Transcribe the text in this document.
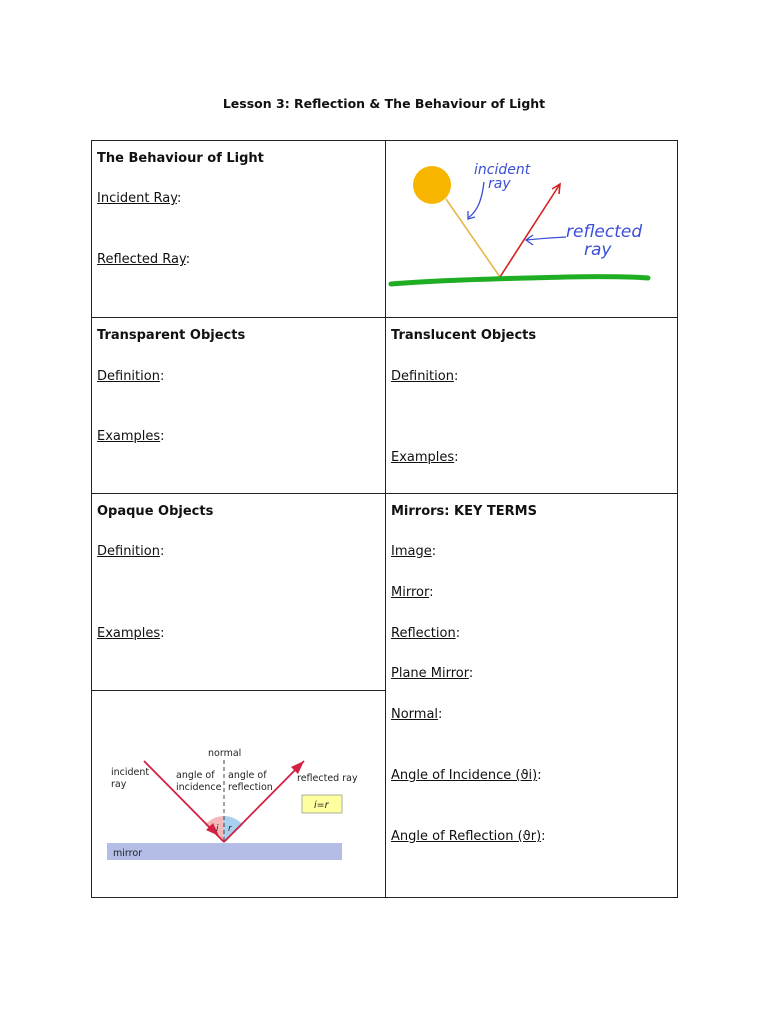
Lesson 3: Reflection & The Behaviour of Light
The Behaviour of Light
Incident Ray:
Reflected Ray:
incident
ray
reflected
ray
Transparent Objects
Definition:
Examples:
Translucent Objects
Definition:
Examples:
Opaque Objects
Definition:
Examples:
Mirrors: KEY TERMS
Image:
Mirror:
Reflection:
Plane Mirror:
Normal:
Angle of Incidence (ϑi):
Angle of Reflection (ϑr):
mirror
normal
incident
ray
angle of
incidence
angle of
reflection
reflected ray
i=r
i r
